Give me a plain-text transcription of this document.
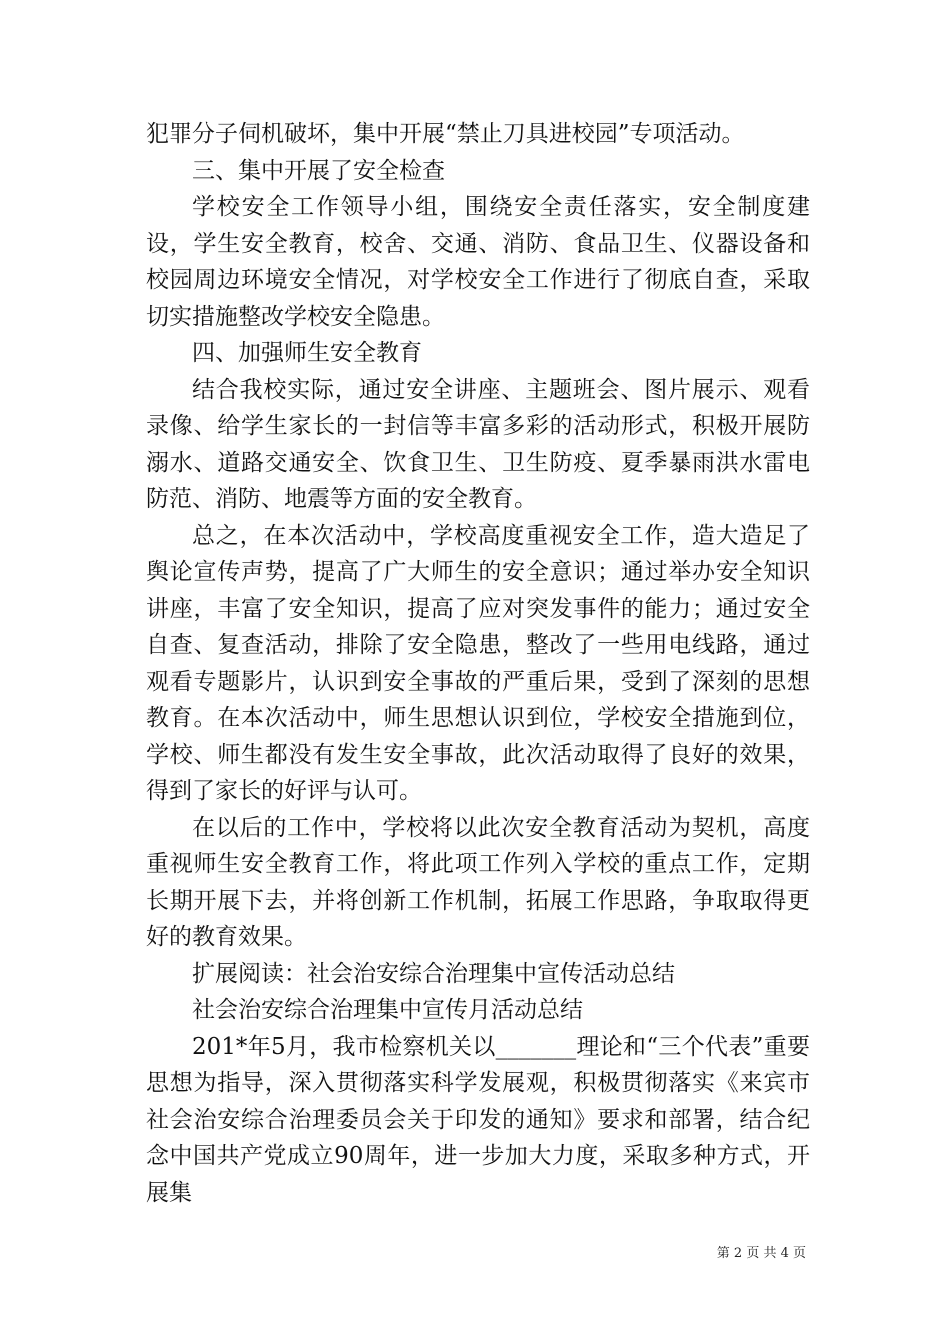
犯罪分子伺机破坏，集中开展“禁止刀具进校园”专项活动。

三、集中开展了安全检查

学校安全工作领导小组，围绕安全责任落实，安全制度建设，学生安全教育，校舍、交通、消防、食品卫生、仪器设备和校园周边环境安全情况，对学校安全工作进行了彻底自查，采取切实措施整改学校安全隐患。

四、加强师生安全教育

结合我校实际，通过安全讲座、主题班会、图片展示、观看录像、给学生家长的一封信等丰富多彩的活动形式，积极开展防溺水、道路交通安全、饮食卫生、卫生防疫、夏季暴雨洪水雷电防范、消防、地震等方面的安全教育。

总之，在本次活动中，学校高度重视安全工作，造大造足了舆论宣传声势，提高了广大师生的安全意识；通过举办安全知识讲座，丰富了安全知识，提高了应对突发事件的能力；通过安全自查、复查活动，排除了安全隐患，整改了一些用电线路，通过观看专题影片，认识到安全事故的严重后果，受到了深刻的思想教育。在本次活动中，师生思想认识到位，学校安全措施到位，学校、师生都没有发生安全事故，此次活动取得了良好的效果，得到了家长的好评与认可。

在以后的工作中，学校将以此次安全教育活动为契机，高度重视师生安全教育工作，将此项工作列入学校的重点工作，定期长期开展下去，并将创新工作机制，拓展工作思路，争取取得更好的教育效果。

扩展阅读：社会治安综合治理集中宣传活动总结

社会治安综合治理集中宣传月活动总结

201*年5月，我市检察机关以_______理论和“三个代表”重要思想为指导，深入贯彻落实科学发展观，积极贯彻落实《来宾市社会治安综合治理委员会关于印发的通知》要求和部署，结合纪念中国共产党成立90周年，进一步加大力度，采取多种方式，开展集

第 2 页 共 4 页
